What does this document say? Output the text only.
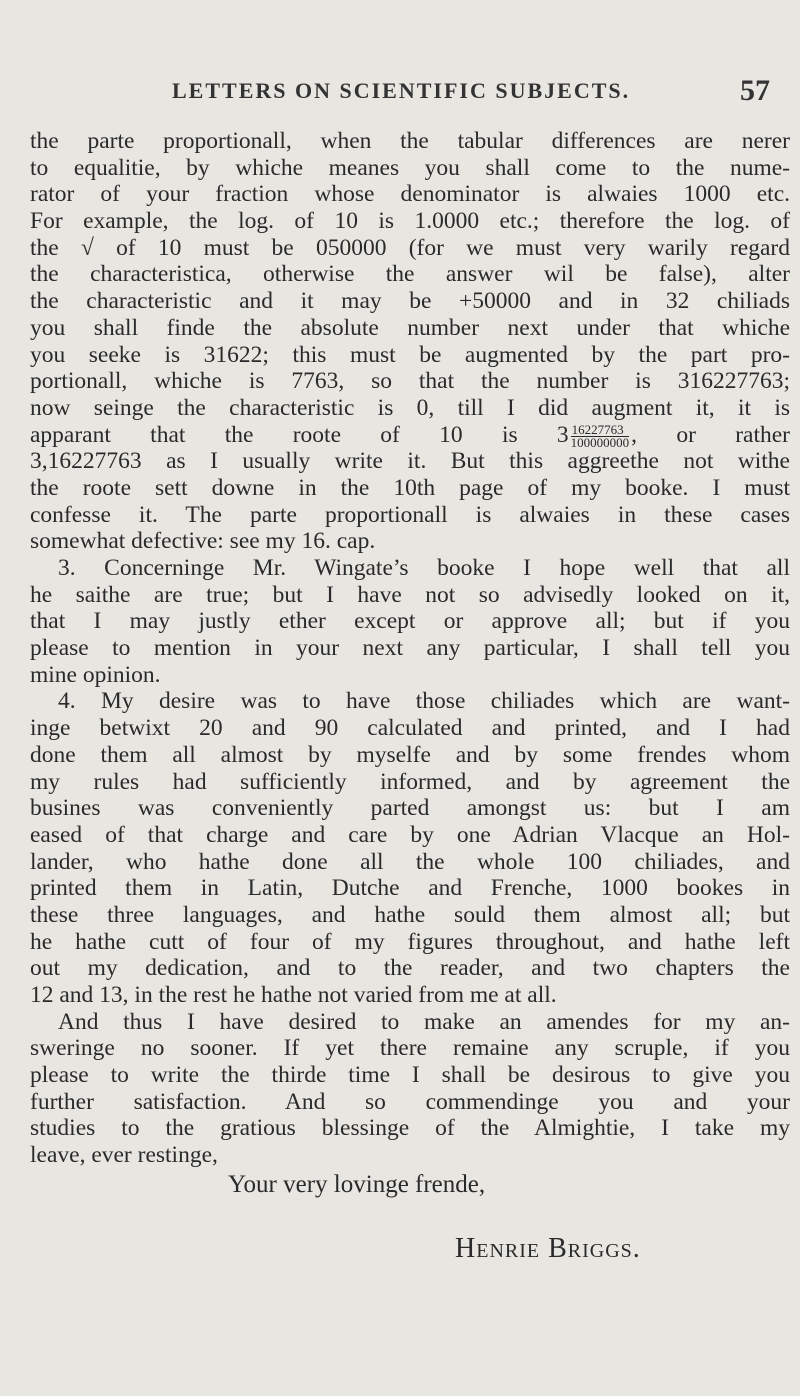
LETTERS ON SCIENTIFIC SUBJECTS.	57
the parte proportionall, when the tabular differences are nerer
to equalitie, by whiche meanes you shall come to the nume-
rator of your fraction whose denominator is alwaies 1000 etc.
For example, the log. of 10 is 1.0000 etc.; therefore the log. of
the √ of 10 must be 050000 (for we must very warily regard
the characteristica, otherwise the answer wil be false), alter
the characteristic and it may be +50000 and in 32 chiliads
you shall finde the absolute number next under that whiche
you seeke is 31622; this must be augmented by the part pro-
portionall, whiche is 7763, so that the number is 316227763;
now seinge the characteristic is 0, till I did augment it, it is
apparant that the roote of 10 is $3 \frac{16227763}{100000000}$ , or rather
3,16227763 as I usually write it. But this aggreethe not withe
the roote sett downe in the 10th page of my booke. I must
confesse it. The parte proportionall is alwaies in these cases
somewhat defective: see my 16. cap.
3. Concerninge Mr. Wingate’s booke I hope well that all
he saithe are true; but I have not so advisedly looked on it,
that I may justly ether except or approve all; but if you
please to mention in your next any particular, I shall tell you
mine opinion.
4. My desire was to have those chiliades which are want-
inge betwixt 20 and 90 calculated and printed, and I had
done them all almost by myselfe and by some frendes whom
my rules had sufficiently informed, and by agreement the
busines was conveniently parted amongst us: but I am
eased of that charge and care by one Adrian Vlacque an Hol-
lander, who hathe done all the whole 100 chiliades, and
printed them in Latin, Dutche and Frenche, 1000 bookes in
these three languages, and hathe sould them almost all; but
he hathe cutt of four of my figures throughout, and hathe left
out my dedication, and to the reader, and two chapters the
12 and 13, in the rest he hathe not varied from me at all.
And thus I have desired to make an amendes for my an-
sweringe no sooner. If yet there remaine any scruple, if you
please to write the thirde time I shall be desirous to give you
further satisfaction. And so commendinge you and your
studies to the gratious blessinge of the Almightie, I take my
leave, ever restinge,
Your very lovinge frende,
Henrie Briggs.
